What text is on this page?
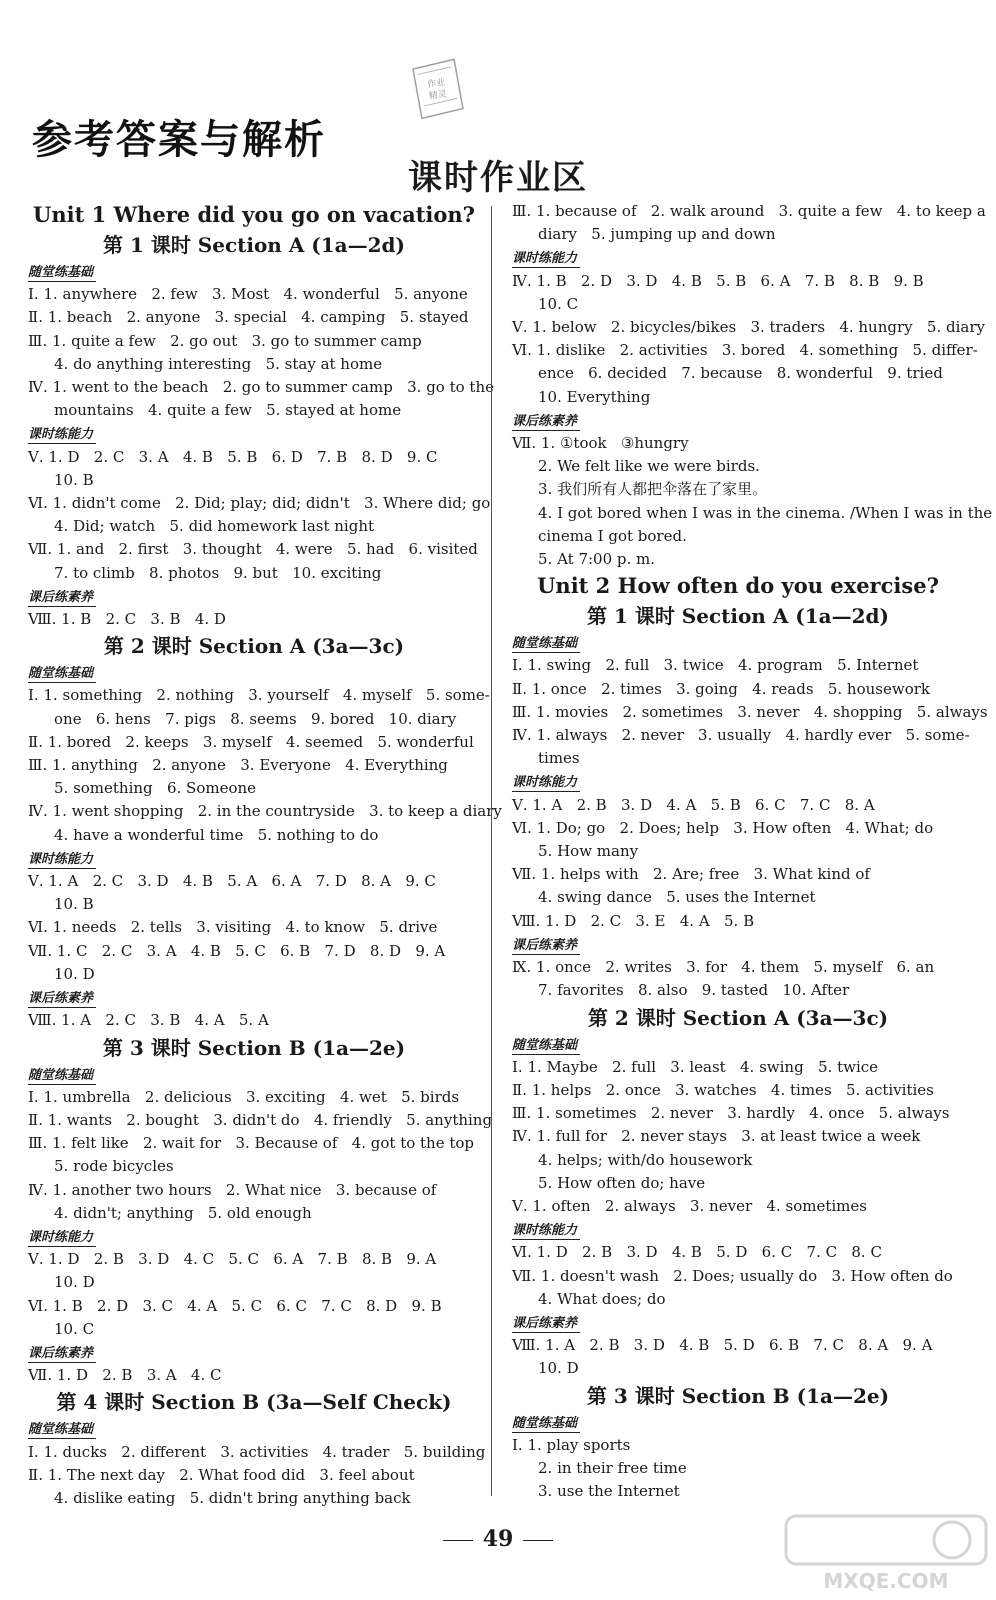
作业
精灵
参考答案与解析
课时作业区
Unit 1 Where did you go on vacation?
第 1 课时 Section A (1a—2d)
随堂练基础
Ⅰ. 1. anywhere   2. few   3. Most   4. wonderful   5. anyone
Ⅱ. 1. beach   2. anyone   3. special   4. camping   5. stayed
Ⅲ. 1. quite a few   2. go out   3. go to summer camp
4. do anything interesting   5. stay at home
Ⅳ. 1. went to the beach   2. go to summer camp   3. go to the
mountains   4. quite a few   5. stayed at home
课时练能力
Ⅴ. 1. D   2. C   3. A   4. B   5. B   6. D   7. B   8. D   9. C
10. B
Ⅵ. 1. didn't come   2. Did; play; did; didn't   3. Where did; go
4. Did; watch   5. did homework last night
Ⅶ. 1. and   2. first   3. thought   4. were   5. had   6. visited
7. to climb   8. photos   9. but   10. exciting
课后练素养
Ⅷ. 1. B   2. C   3. B   4. D
第 2 课时 Section A (3a—3c)
随堂练基础
Ⅰ. 1. something   2. nothing   3. yourself   4. myself   5. some-
one   6. hens   7. pigs   8. seems   9. bored   10. diary
Ⅱ. 1. bored   2. keeps   3. myself   4. seemed   5. wonderful
Ⅲ. 1. anything   2. anyone   3. Everyone   4. Everything
5. something   6. Someone
Ⅳ. 1. went shopping   2. in the countryside   3. to keep a diary
4. have a wonderful time   5. nothing to do
课时练能力
Ⅴ. 1. A   2. C   3. D   4. B   5. A   6. A   7. D   8. A   9. C
10. B
Ⅵ. 1. needs   2. tells   3. visiting   4. to know   5. drive
Ⅶ. 1. C   2. C   3. A   4. B   5. C   6. B   7. D   8. D   9. A
10. D
课后练素养
Ⅷ. 1. A   2. C   3. B   4. A   5. A
第 3 课时 Section B (1a—2e)
随堂练基础
Ⅰ. 1. umbrella   2. delicious   3. exciting   4. wet   5. birds
Ⅱ. 1. wants   2. bought   3. didn't do   4. friendly   5. anything
Ⅲ. 1. felt like   2. wait for   3. Because of   4. got to the top
5. rode bicycles
Ⅳ. 1. another two hours   2. What nice   3. because of
4. didn't; anything   5. old enough
课时练能力
Ⅴ. 1. D   2. B   3. D   4. C   5. C   6. A   7. B   8. B   9. A
10. D
Ⅵ. 1. B   2. D   3. C   4. A   5. C   6. C   7. C   8. D   9. B
10. C
课后练素养
Ⅶ. 1. D   2. B   3. A   4. C
第 4 课时 Section B (3a—Self Check)
随堂练基础
Ⅰ. 1. ducks   2. different   3. activities   4. trader   5. building
Ⅱ. 1. The next day   2. What food did   3. feel about
4. dislike eating   5. didn't bring anything back
Ⅲ. 1. because of   2. walk around   3. quite a few   4. to keep a
diary   5. jumping up and down
课时练能力
Ⅳ. 1. B   2. D   3. D   4. B   5. B   6. A   7. B   8. B   9. B
10. C
Ⅴ. 1. below   2. bicycles/bikes   3. traders   4. hungry   5. diary
Ⅵ. 1. dislike   2. activities   3. bored   4. something   5. differ-
ence   6. decided   7. because   8. wonderful   9. tried
10. Everything
课后练素养
Ⅶ. 1. ①took   ③hungry
2. We felt like we were birds.
3. 我们所有人都把伞落在了家里。
4. I got bored when I was in the cinema. /When I was in the
cinema I got bored.
5. At 7:00 p. m.
Unit 2 How often do you exercise?
第 1 课时 Section A (1a—2d)
随堂练基础
Ⅰ. 1. swing   2. full   3. twice   4. program   5. Internet
Ⅱ. 1. once   2. times   3. going   4. reads   5. housework
Ⅲ. 1. movies   2. sometimes   3. never   4. shopping   5. always
Ⅳ. 1. always   2. never   3. usually   4. hardly ever   5. some-
times
课时练能力
Ⅴ. 1. A   2. B   3. D   4. A   5. B   6. C   7. C   8. A
Ⅵ. 1. Do; go   2. Does; help   3. How often   4. What; do
5. How many
Ⅶ. 1. helps with   2. Are; free   3. What kind of
4. swing dance   5. uses the Internet
Ⅷ. 1. D   2. C   3. E   4. A   5. B
课后练素养
Ⅸ. 1. once   2. writes   3. for   4. them   5. myself   6. an
7. favorites   8. also   9. tasted   10. After
第 2 课时 Section A (3a—3c)
随堂练基础
Ⅰ. 1. Maybe   2. full   3. least   4. swing   5. twice
Ⅱ. 1. helps   2. once   3. watches   4. times   5. activities
Ⅲ. 1. sometimes   2. never   3. hardly   4. once   5. always
Ⅳ. 1. full for   2. never stays   3. at least twice a week
4. helps; with/do housework
5. How often do; have
Ⅴ. 1. often   2. always   3. never   4. sometimes
课时练能力
Ⅵ. 1. D   2. B   3. D   4. B   5. D   6. C   7. C   8. C
Ⅶ. 1. doesn't wash   2. Does; usually do   3. How often do
4. What does; do
课后练素养
Ⅷ. 1. A   2. B   3. D   4. B   5. D   6. B   7. C   8. A   9. A
10. D
第 3 课时 Section B (1a—2e)
随堂练基础
Ⅰ. 1. play sports
2. in their free time
3. use the Internet
49
MXQE.COM
